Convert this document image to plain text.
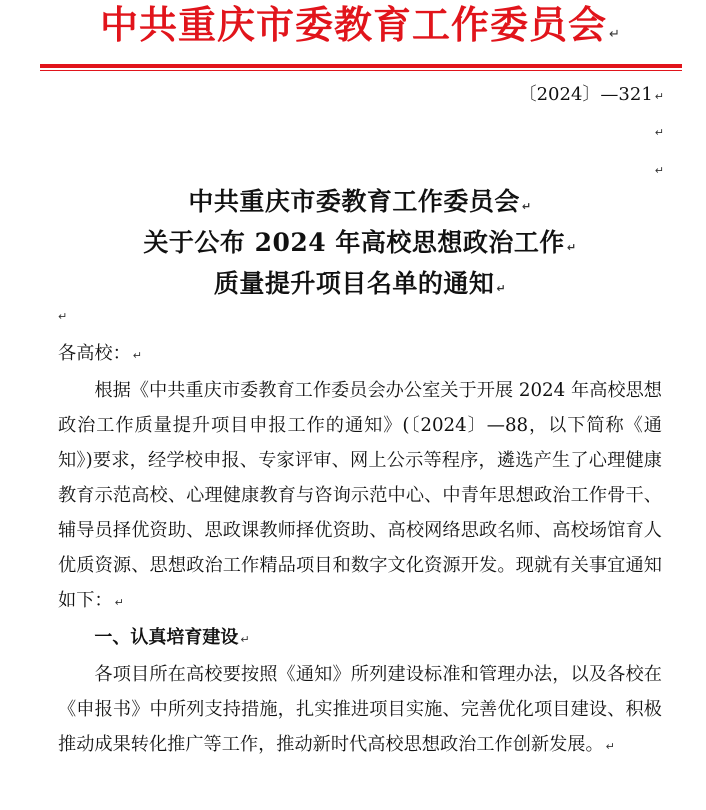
中共重庆市委教育工作委员会 ↵
〔2024〕—321 ↵
↵
↵
中共重庆市委教育工作委员会 ↵
关于公布 2024 年高校思想政治工作 ↵
质量提升项目名单的通知 ↵
↵

各高校： ↵

根据《中共重庆市委教育工作委员会办公室关于开展 2024 年高校思想政治工作质量提升项目申报工作的通知》(〔2024〕—88，以下简称《通知》)要求，经学校申报、专家评审、网上公示等程序，遴选产生了心理健康教育示范高校、心理健康教育与咨询示范中心、中青年思想政治工作骨干、辅导员择优资助、思政课教师择优资助、高校网络思政名师、高校场馆育人优质资源、思想政治工作精品项目和数字文化资源开发。现就有关事宜通知如下： ↵

一、认真培育建设 ↵

各项目所在高校要按照《通知》所列建设标准和管理办法，以及各校在《申报书》中所列支持措施，扎实推进项目实施、完善优化项目建设、积极推动成果转化推广等工作，推动新时代高校思想政治工作创新发展。 ↵
